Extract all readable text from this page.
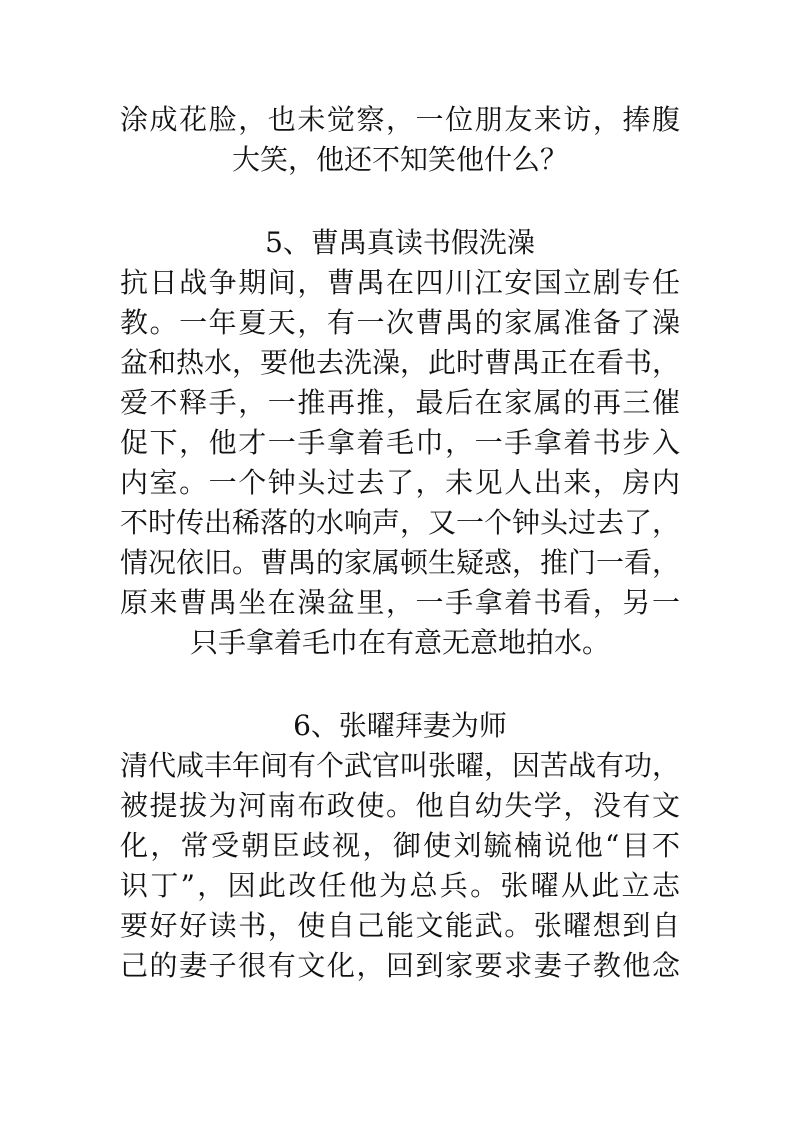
涂成花脸，也未觉察，一位朋友来访，捧腹
大笑，他还不知笑他什么？
5、曹禺真读书假洗澡
抗日战争期间，曹禺在四川江安国立剧专任
教。一年夏天，有一次曹禺的家属准备了澡
盆和热水，要他去洗澡，此时曹禺正在看书，
爱不释手，一推再推，最后在家属的再三催
促下，他才一手拿着毛巾，一手拿着书步入
内室。一个钟头过去了，未见人出来，房内
不时传出稀落的水响声，又一个钟头过去了，
情况依旧。曹禺的家属顿生疑惑，推门一看，
原来曹禺坐在澡盆里，一手拿着书看，另一
只手拿着毛巾在有意无意地拍水。
6、张曜拜妻为师
清代咸丰年间有个武官叫张曜，因苦战有功，
被提拔为河南布政使。他自幼失学，没有文
化，常受朝臣歧视，御使刘毓楠说他“目不
识丁”，因此改任他为总兵。张曜从此立志
要好好读书，使自己能文能武。张曜想到自
己的妻子很有文化，回到家要求妻子教他念
